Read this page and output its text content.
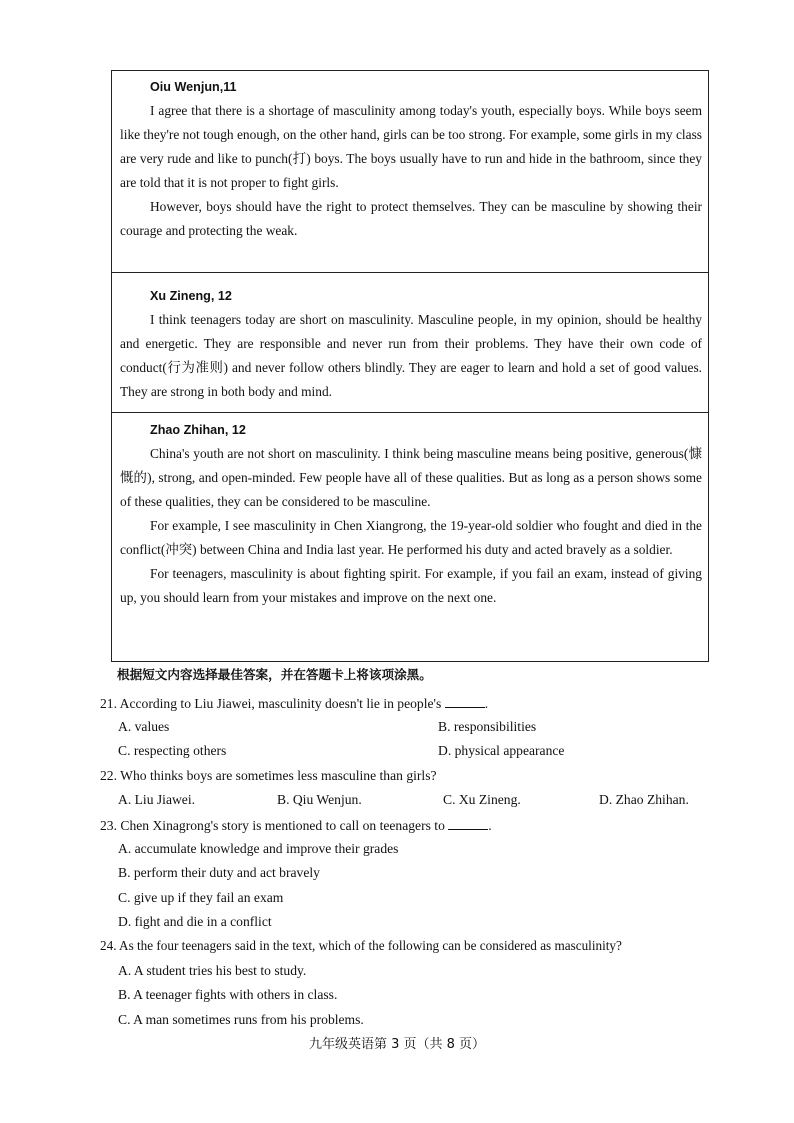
Oiu Wenjun,11
I agree that there is a shortage of masculinity among today's youth, especially boys. While boys seem like they're not tough enough, on the other hand, girls can be too strong. For example, some girls in my class are very rude and like to punch(打) boys. The boys usually have to run and hide in the bathroom, since they are told that it is not proper to fight girls.
However, boys should have the right to protect themselves. They can be masculine by showing their courage and protecting the weak.
Xu Zineng, 12
I think teenagers today are short on masculinity. Masculine people, in my opinion, should be healthy and energetic. They are responsible and never run from their problems. They have their own code of conduct(行为准则) and never follow others blindly. They are eager to learn and hold a set of good values. They are strong in both body and mind.
Zhao Zhihan, 12
China's youth are not short on masculinity. I think being masculine means being positive, generous(慷慨的), strong, and open-minded. Few people have all of these qualities. But as long as a person shows some of these qualities, they can be considered to be masculine.
For example, I see masculinity in Chen Xiangrong, the 19-year-old soldier who fought and died in the conflict(冲突) between China and India last year. He performed his duty and acted bravely as a soldier.
For teenagers, masculinity is about fighting spirit. For example, if you fail an exam, instead of giving up, you should learn from your mistakes and improve on the next one.
根据短文内容选择最佳答案，并在答题卡上将该项涂黑。
21. According to Liu Jiawei, masculinity doesn't lie in people's	.
A. values	B. responsibilities
C. respecting others	D. physical appearance
22. Who thinks boys are sometimes less masculine than girls?
A. Liu Jiawei.	B. Qiu Wenjun.	C. Xu Zineng.	D. Zhao Zhihan.
23. Chen Xinagrong's story is mentioned to call on teenagers to	.
A. accumulate knowledge and improve their grades
B. perform their duty and act bravely
C. give up if they fail an exam
D. fight and die in a conflict
24. As the four teenagers said in the text, which of the following can be considered as masculinity?
A. A student tries his best to study.
B. A teenager fights with others in class.
C. A man sometimes runs from his problems.
九年级英语第 3 页（共 8 页）
